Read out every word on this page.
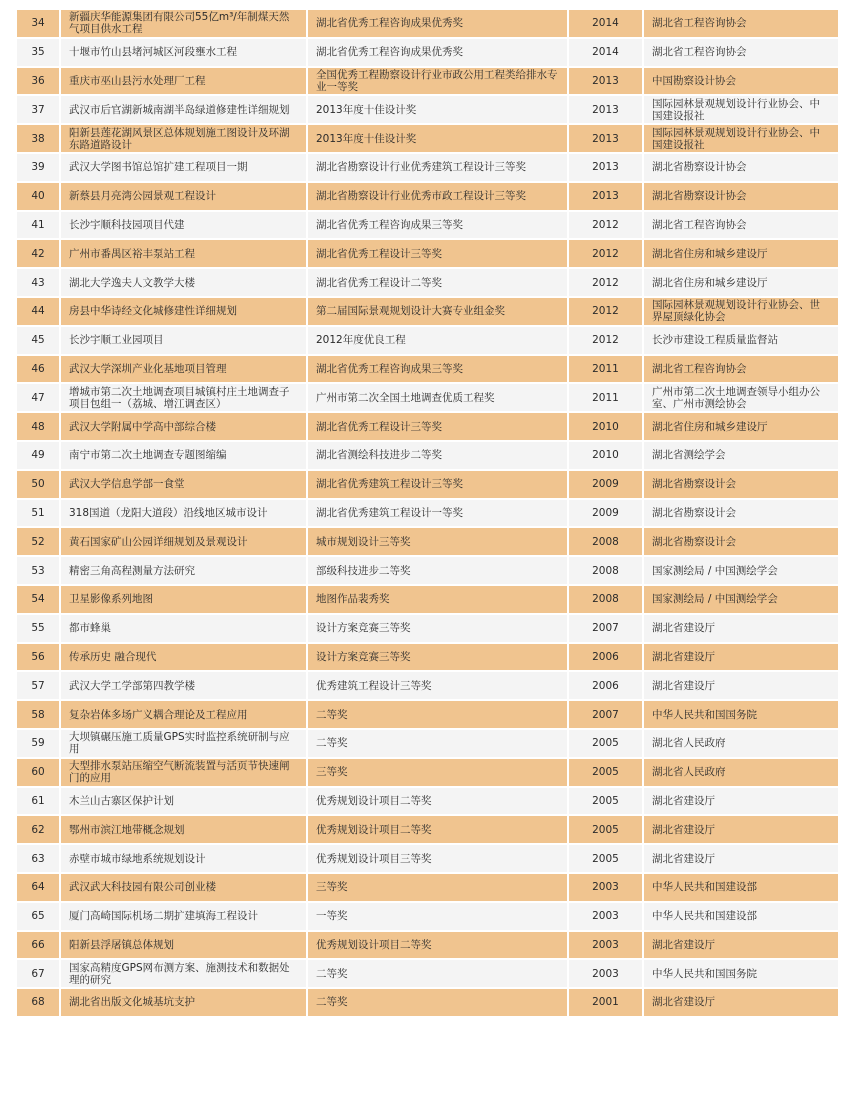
34	新疆庆华能源集团有限公司55亿m³/年制煤天然气项目供水工程	湖北省优秀工程咨询成果优秀奖	2014	湖北省工程咨询协会
35	十堰市竹山县堵河城区河段壅水工程	湖北省优秀工程咨询成果优秀奖	2014	湖北省工程咨询协会
36	重庆市巫山县污水处理厂工程	全国优秀工程勘察设计行业市政公用工程类给排水专业一等奖	2013	中国勘察设计协会
37	武汉市后官湖新城南湖半岛绿道修建性详细规划	2013年度十佳设计奖	2013	国际园林景观规划设计行业协会、中国建设报社
38	阳新县莲花湖风景区总体规划施工图设计及环湖东路道路设计	2013年度十佳设计奖	2013	国际园林景观规划设计行业协会、中国建设报社
39	武汉大学图书馆总馆扩建工程项目一期	湖北省勘察设计行业优秀建筑工程设计三等奖	2013	湖北省勘察设计协会
40	新蔡县月亮湾公园景观工程设计	湖北省勘察设计行业优秀市政工程设计三等奖	2013	湖北省勘察设计协会
41	长沙宇顺科技园项目代建	湖北省优秀工程咨询成果三等奖	2012	湖北省工程咨询协会
42	广州市番禺区裕丰泵站工程	湖北省优秀工程设计三等奖	2012	湖北省住房和城乡建设厅
43	湖北大学逸夫人文教学大楼	湖北省优秀工程设计二等奖	2012	湖北省住房和城乡建设厅
44	房县中华诗经文化城修建性详细规划	第二届国际景观规划设计大赛专业组金奖	2012	国际园林景观规划设计行业协会、世界屋顶绿化协会
45	长沙宇顺工业园项目	2012年度优良工程	2012	长沙市建设工程质量监督站
46	武汉大学深圳产业化基地项目管理	湖北省优秀工程咨询成果三等奖	2011	湖北省工程咨询协会
47	增城市第二次土地调查项目城镇村庄土地调查子项目包组一（荔城、增江调查区）	广州市第二次全国土地调查优质工程奖	2011	广州市第二次土地调查领导小组办公室、广州市测绘协会
48	武汉大学附属中学高中部综合楼	湖北省优秀工程设计三等奖	2010	湖北省住房和城乡建设厅
49	南宁市第二次土地调查专题图缩编	湖北省测绘科技进步二等奖	2010	湖北省测绘学会
50	武汉大学信息学部一食堂	湖北省优秀建筑工程设计三等奖	2009	湖北省勘察设计会
51	318国道（龙阳大道段）沿线地区城市设计	湖北省优秀建筑工程设计一等奖	2009	湖北省勘察设计会
52	黄石国家矿山公园详细规划及景观设计	城市规划设计三等奖	2008	湖北省勘察设计会
53	精密三角高程测量方法研究	部级科技进步二等奖	2008	国家测绘局 / 中国测绘学会
54	卫星影像系列地图	地图作品裴秀奖	2008	国家测绘局 / 中国测绘学会
55	都市蜂巢	设计方案竞赛三等奖	2007	湖北省建设厅
56	传承历史 融合现代	设计方案竞赛三等奖	2006	湖北省建设厅
57	武汉大学工学部第四教学楼	优秀建筑工程设计三等奖	2006	湖北省建设厅
58	复杂岩体多场广义耦合理论及工程应用	二等奖	2007	中华人民共和国国务院
59	大坝镇碾压施工质量GPS实时监控系统研制与应用	二等奖	2005	湖北省人民政府
60	大型排水泵站压缩空气断流装置与活页节快速闸门的应用	三等奖	2005	湖北省人民政府
61	木兰山古寨区保护计划	优秀规划设计项目二等奖	2005	湖北省建设厅
62	鄂州市滨江地带概念规划	优秀规划设计项目二等奖	2005	湖北省建设厅
63	赤壁市城市绿地系统规划设计	优秀规划设计项目三等奖	2005	湖北省建设厅
64	武汉武大科技园有限公司创业楼	三等奖	2003	中华人民共和国建设部
65	厦门高崎国际机场二期扩建填海工程设计	一等奖	2003	中华人民共和国建设部
66	阳新县浮屠镇总体规划	优秀规划设计项目二等奖	2003	湖北省建设厅
67	国家高精度GPS网布测方案、施测技术和数据处理的研究	二等奖	2003	中华人民共和国国务院
68	湖北省出版文化城基坑支护	二等奖	2001	湖北省建设厅
